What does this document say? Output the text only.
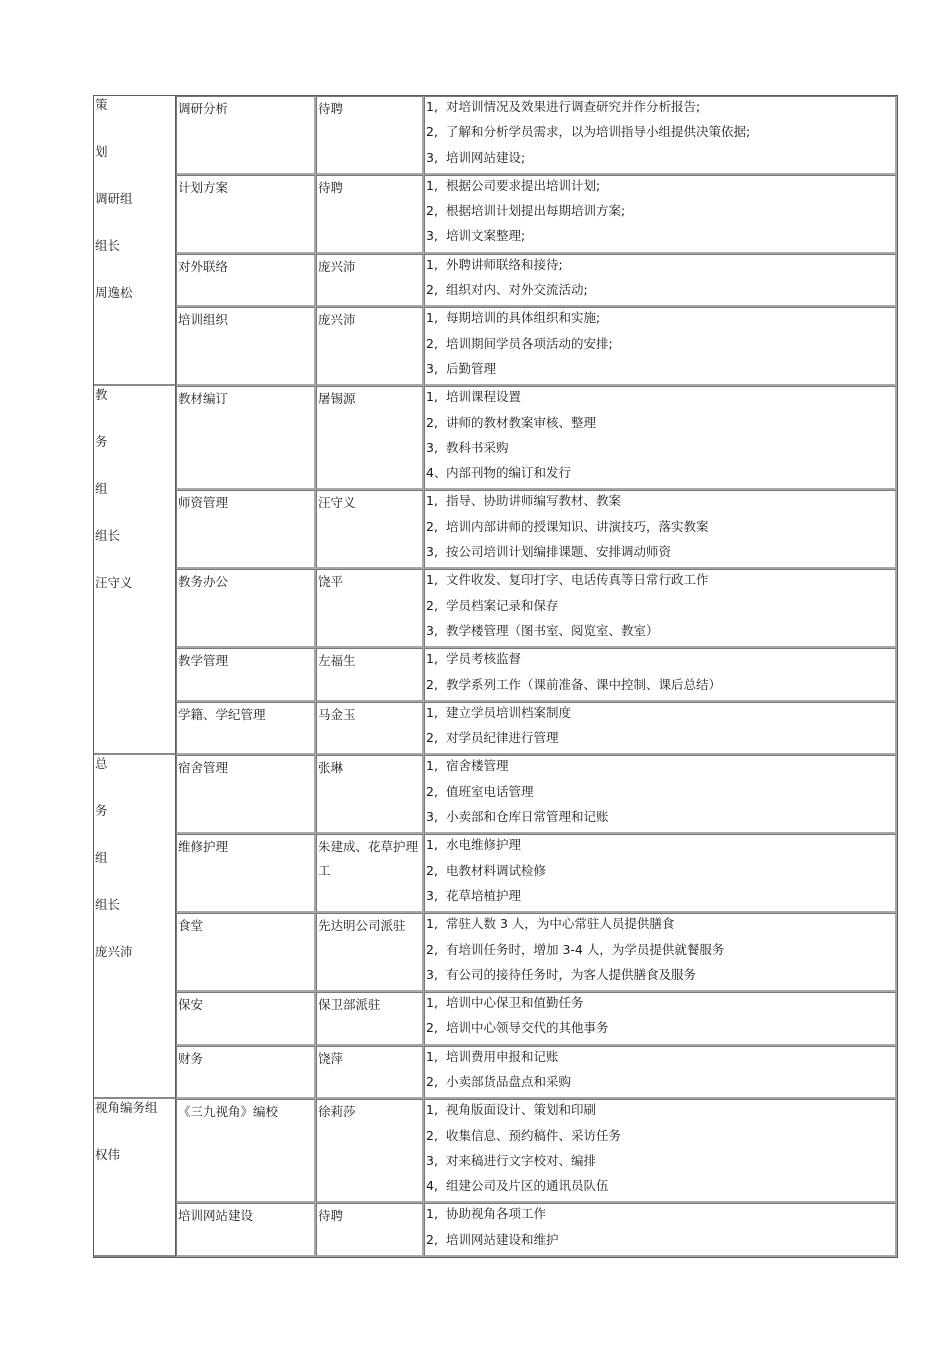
策
划
调研组
组长
周逸松	调研分析	待聘	1, 对培训情况及效果进行调查研究并作分析报告;
2, 了解和分析学员需求，以为培训指导小组提供决策依据;
3, 培训网站建设;

	计划方案	待聘	1, 根据公司要求提出培训计划;
2, 根据培训计划提出每期培训方案;
3, 培训文案整理;

	对外联络	庞兴沛	1, 外聘讲师联络和接待;
2, 组织对内、对外交流活动;

	培训组织	庞兴沛	1, 每期培训的具体组织和实施;
2, 培训期间学员各项活动的安排;
3, 后勤管理

教
务
组
组长
汪守义	教材编订	屠锡源	1, 培训课程设置
2, 讲师的教材教案审核、整理
3, 教科书采购
4、内部刊物的编订和发行

	师资管理	汪守义	1, 指导、协助讲师编写教材、教案
2, 培训内部讲师的授课知识、讲演技巧，落实教案
3, 按公司培训计划编排课题、安排调动师资

	教务办公	饶平	1, 文件收发、复印打字、电话传真等日常行政工作
2, 学员档案记录和保存
3, 教学楼管理（图书室、阅览室、教室）

	教学管理	左福生	1, 学员考核监督
2, 教学系列工作（课前准备、课中控制、课后总结）

	学籍、学纪管理	马金玉	1, 建立学员培训档案制度
2, 对学员纪律进行管理

总
务
组
组长
庞兴沛	宿舍管理	张琳	1, 宿舍楼管理
2, 值班室电话管理
3, 小卖部和仓库日常管理和记账

	维修护理	朱建成、花草护理工	1, 水电维修护理
2, 电教材料调试检修
3, 花草培植护理

	食堂	先达明公司派驻	1, 常驻人数 3 人，为中心常驻人员提供膳食
2, 有培训任务时，增加 3-4 人，为学员提供就餐服务
3, 有公司的接待任务时，为客人提供膳食及服务

	保安	保卫部派驻	1, 培训中心保卫和值勤任务
2, 培训中心领导交代的其他事务

	财务	饶萍	1, 培训费用申报和记账
2, 小卖部货品盘点和采购

视角编务组
权伟	《三九视角》编校	徐莉莎	1, 视角版面设计、策划和印刷
2, 收集信息、预约稿件、采访任务
3, 对来稿进行文字校对、编排
4, 组建公司及片区的通讯员队伍

	培训网站建设	待聘	1, 协助视角各项工作
2, 培训网站建设和维护
